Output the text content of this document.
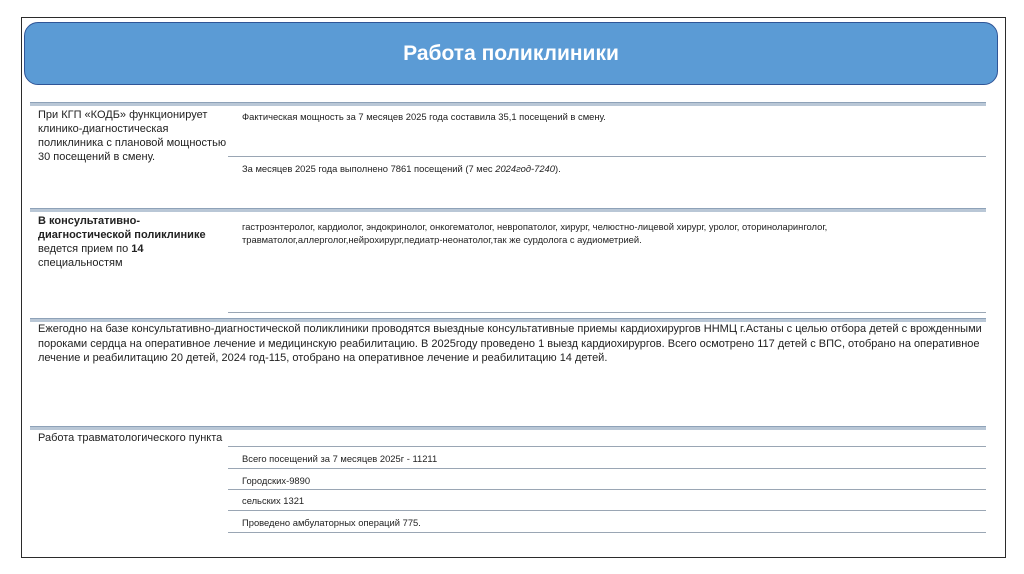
Работа поликлиники
При КГП «КОДБ» функционирует клинико-диагностическая поликлиника с плановой мощностью 30 посещений в смену.
Фактическая мощность за 7 месяцев 2025 года составила 35,1 посещений в смену.
За месяцев 2025 года выполнено 7861 посещений (7 мес 2024год-7240).
В консультативно-диагностической поликлинике ведется прием по 14 специальностям
гастроэнтеролог, кардиолог, эндокринолог, онкогематолог, невропатолог, хирург, челюстно-лицевой хирург, уролог, оториноларинголог, травматолог,аллерголог,нейрохирург,педиатр-неонатолог,так же сурдолога с аудиометрией.
Ежегодно на базе консультативно-диагностической поликлиники проводятся выездные консультативные приемы кардиохирургов ННМЦ г.Астаны с целью отбора детей с врожденными пороками сердца на оперативное лечение и медицинскую реабилитацию. В 2025году проведено 1 выезд кардиохирургов. Всего осмотрено 117 детей с ВПС, отобрано на оперативное лечение и реабилитацию 20 детей, 2024 год-115, отобрано на оперативное лечение и реабилитацию 14 детей.
Работа травматологического пункта
Всего посещений за 7 месяцев 2025г - 11211
Городских-9890
сельских 1321
Проведено амбулаторных операций 775.
